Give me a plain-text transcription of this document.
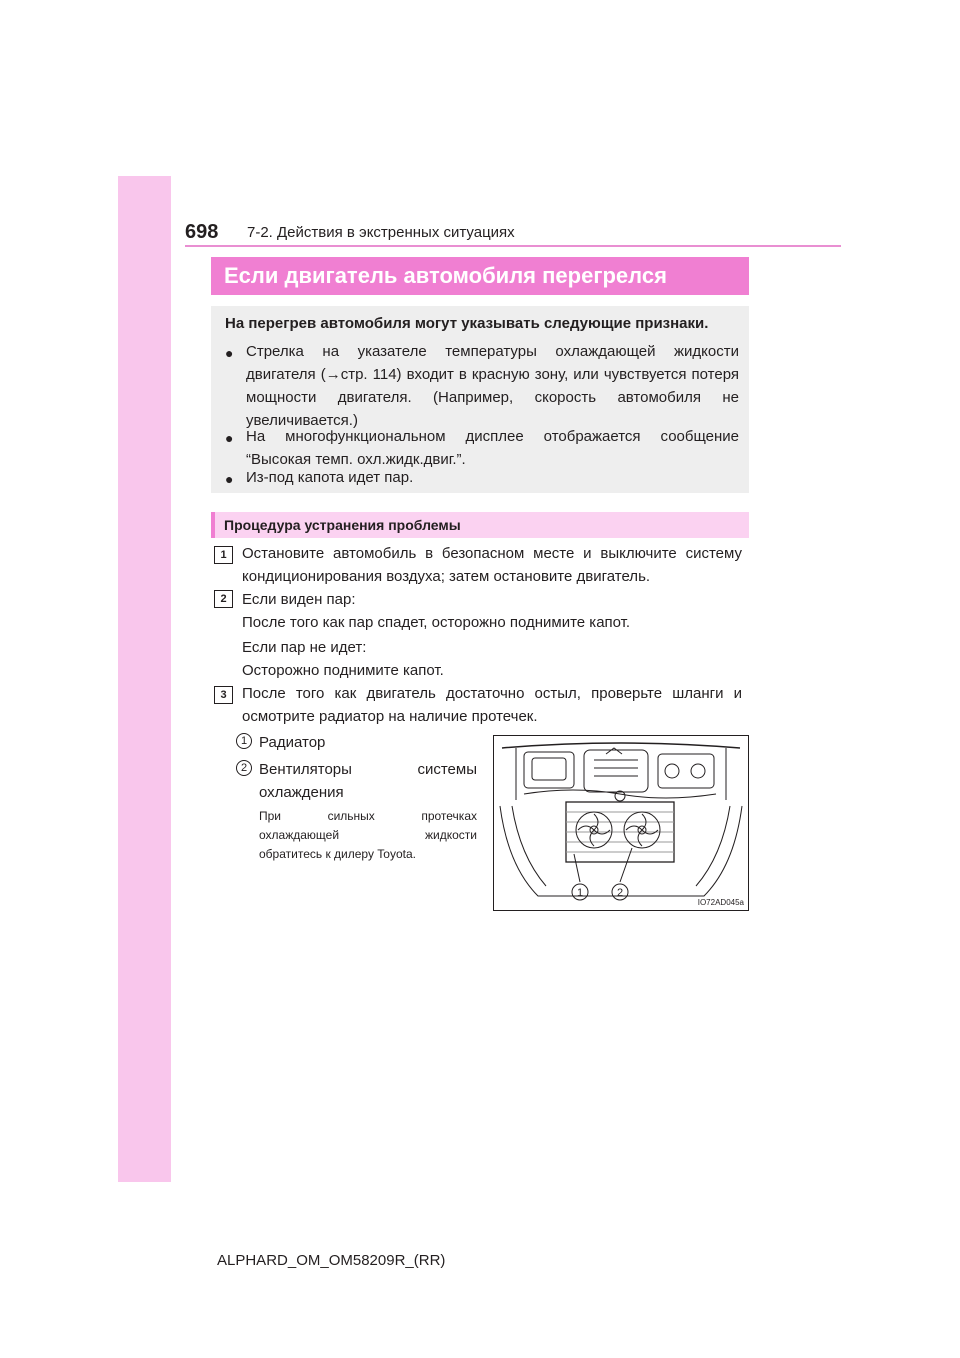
698 7-2. Действия в экстренных ситуациях
Если двигатель автомобиля перегрелся
На перегрев автомобиля могут указывать следующие признаки.
● Стрелка на указателе температуры охлаждающей жидкости двигателя (→стр. 114) входит в красную зону, или чувствуется потеря мощности двигателя. (Например, скорость автомобиля не увеличивается.)
● На многофункциональном дисплее отображается сообщение “Высокая темп. охл.жидк.двиг.”.
● Из-под капота идет пар.
Процедура устранения проблемы
1	Остановите автомобиль в безопасном месте и выключите систему кондиционирования воздуха; затем остановите двигатель.
2	Если виден пар:
После того как пар спадет, осторожно поднимите капот.
Если пар не идет:
Осторожно поднимите капот.
3	После того как двигатель достаточно остыл, проверьте шланги и осмотрите радиатор на наличие протечек.
1 Радиатор
2 Вентиляторы системы
охлаждения
При сильных протечках
охлаждающей жидкости
обратитесь к дилеру Toyota.
1	2
IO72AD045a
ALPHARD_OM_OM58209R_(RR)
